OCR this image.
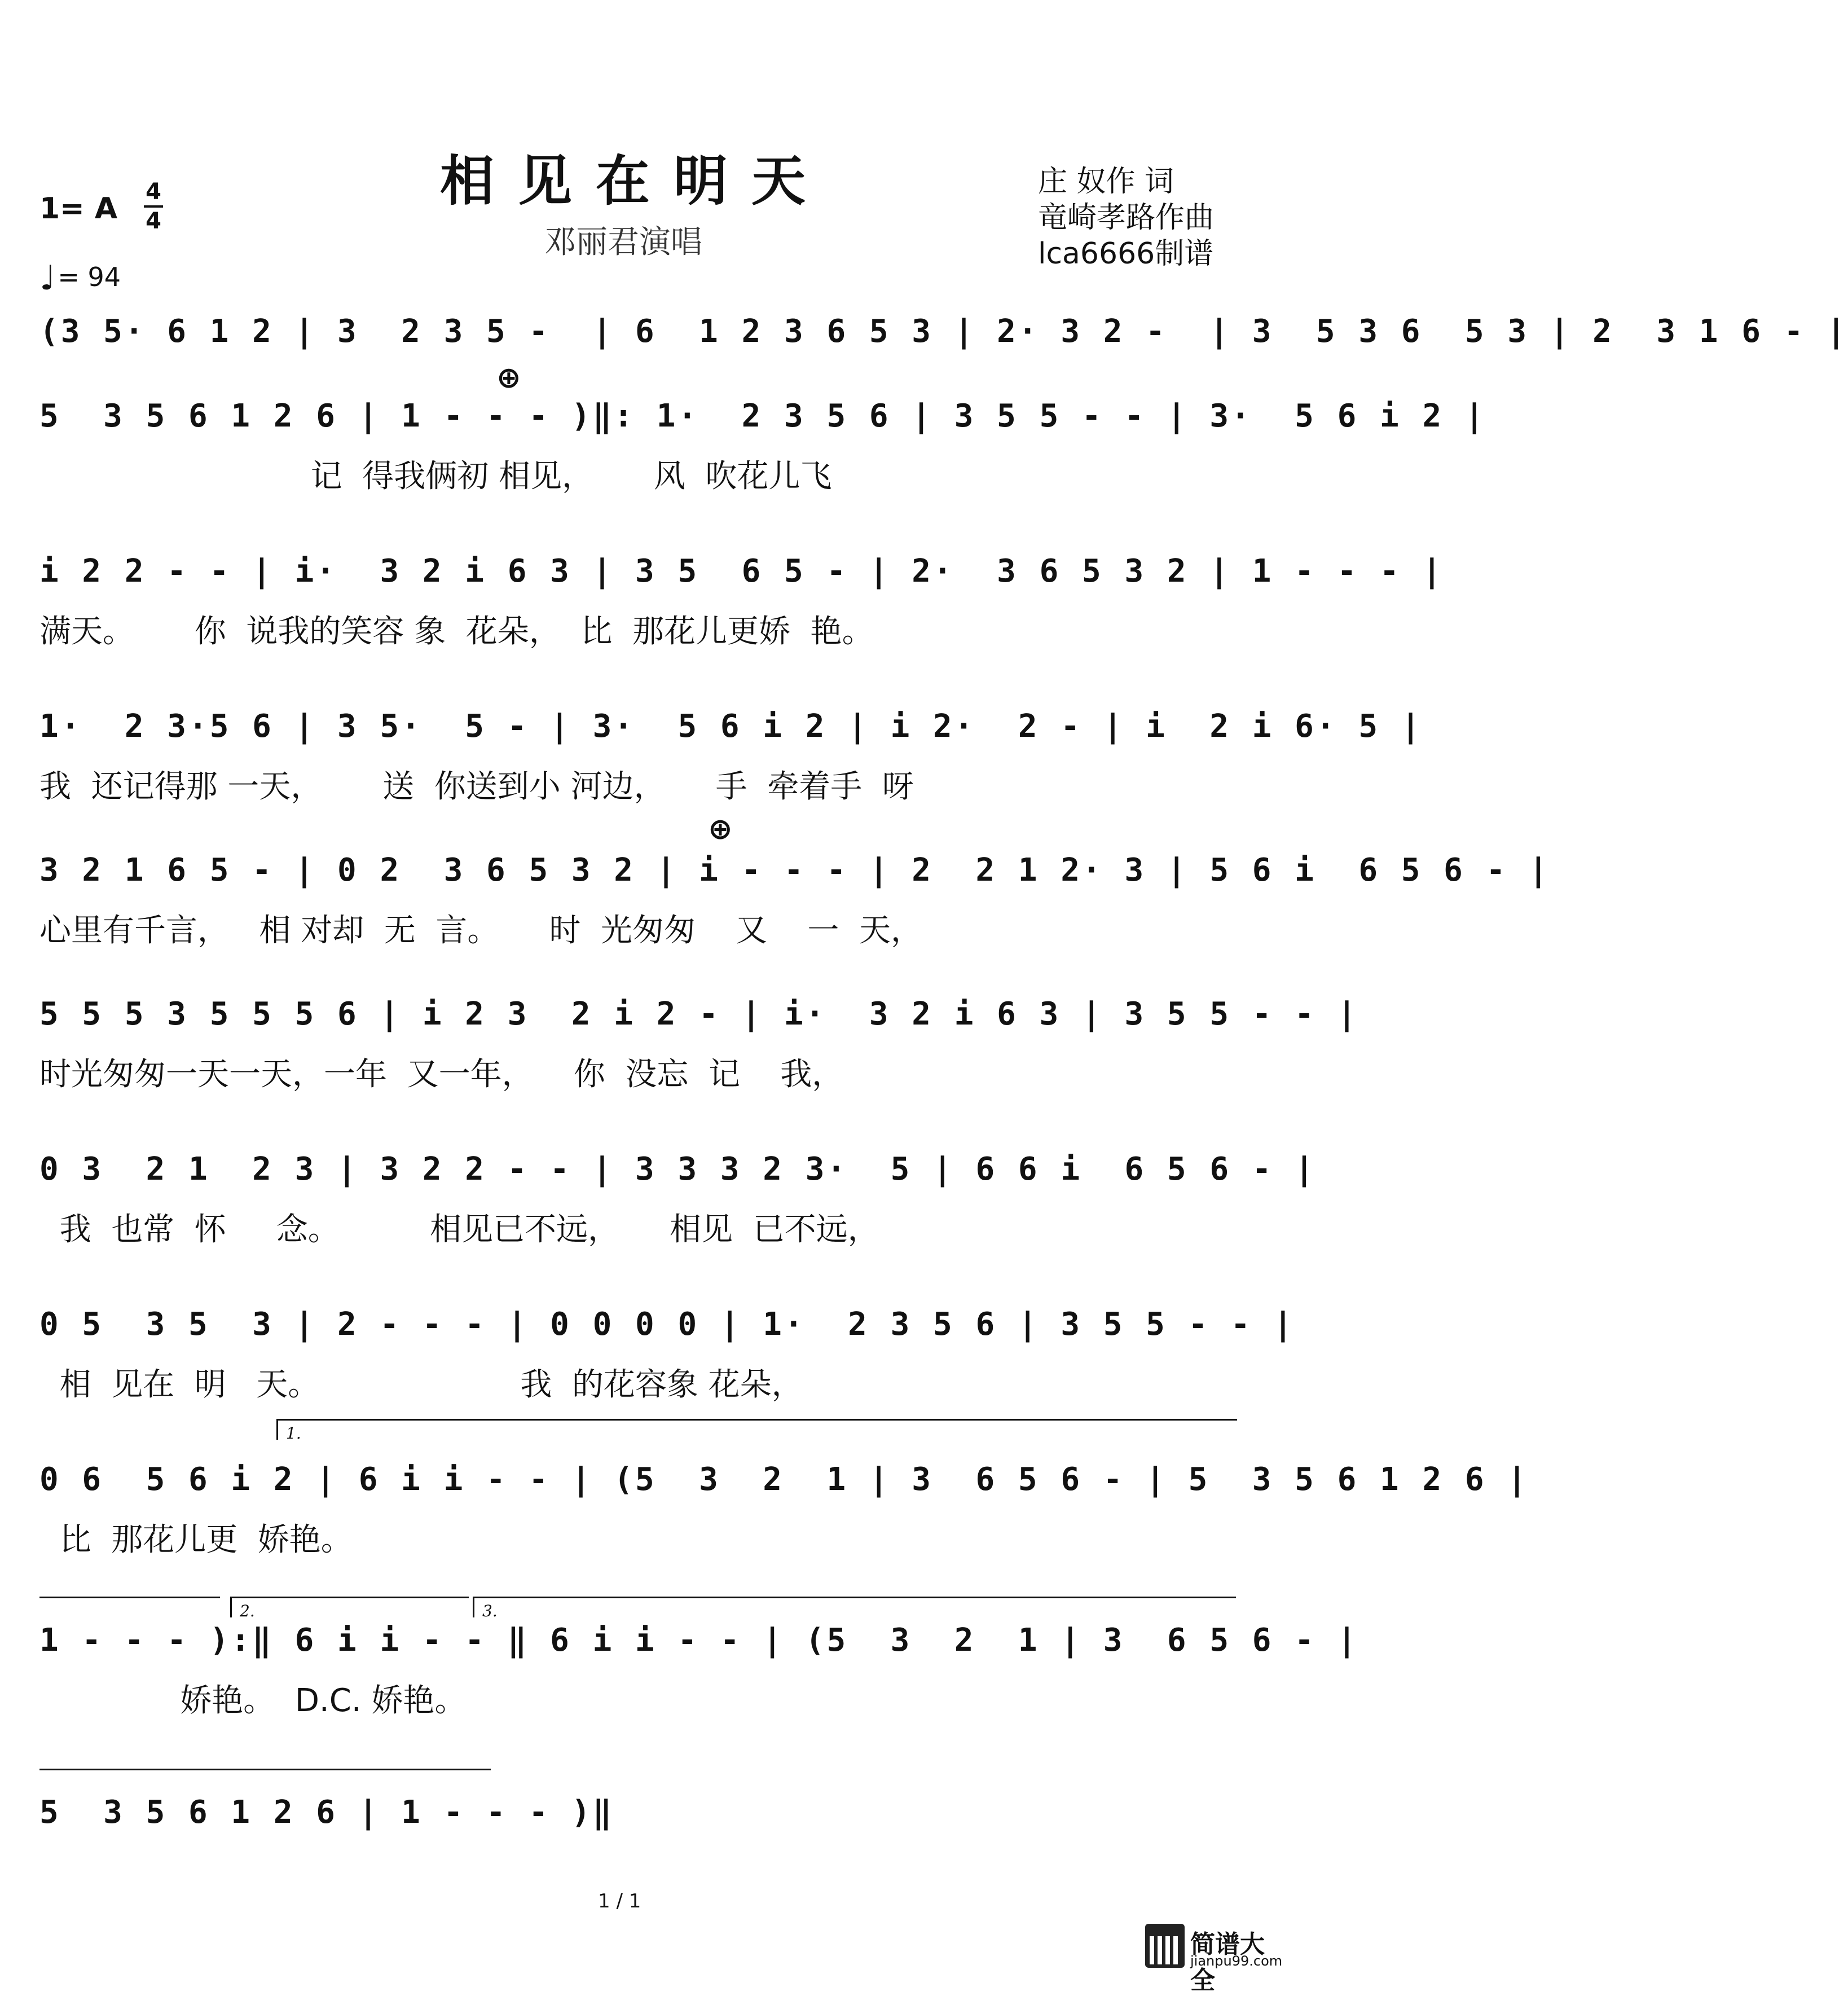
相见在明天
邓丽君演唱
庄 奴作 词
竜崎孝路作曲
lca6666制谱
1= A 4
4
♩= 94
(3 5· 6 1 2 | 3  2 3 5 -  | 6  1 2 3 6 5 3 | 2· 3 2 -  | 3  5 3 6  5 3 | 2  3 1 6 - |
5  3 5 6 1 2 6 | 1 - - - )‖: 1·  2 3 5 6 | 3 5 5 - - | 3·  5 6 i 2 |
记  得我俩初 相见，      风  吹花儿飞
i 2 2 - - | i·  3 2 i 6 3 | 3 5  6 5 - | 2·  3 6 5 3 2 | 1 - - - |
满天。      你  说我的笑容 象  花朵，  比  那花儿更娇  艳。
1·  2 3·5 6 | 3 5·  5 - | 3·  5 6 i 2 | i 2·  2 - | i  2 i 6· 5 |
我  还记得那 一天，      送  你送到小 河边，     手  牵着手  呀
3 2 1 6 5 - | 0 2  3 6 5 3 2 | i - - - | 2  2 1 2· 3 | 5 6 i  6 5 6 - |
心里有千言，   相 对却  无  言。     时  光匆匆    又    一  天，
5 5 5 3 5 5 5 6 | i 2 3  2 i 2 - | i·  3 2 i 6 3 | 3 5 5 - - |
时光匆匆一天一天，一年  又一年，    你  没忘  记    我，
0 3  2 1  2 3 | 3 2 2 - - | 3 3 3 2 3·  5 | 6 6 i  6 5 6 - |
我  也常  怀     念。         相见已不远，     相见  已不远，
0 5  3 5  3 | 2 - - - | 0 0 0 0 | 1·  2 3 5 6 | 3 5 5 - - |
相  见在  明   天。                    我  的花容象 花朵，
0 6  5 6 i 2 | 6 i i - - | (5  3  2  1 | 3  6 5 6 - | 5  3 5 6 1 2 6 |
比  那花儿更  娇艳。
1 - - - ):‖ 6 i i - - ‖ 6 i i - - | (5  3  2  1 | 3  6 5 6 - |
娇艳。  D.C. 娇艳。
5  3 5 6 1 2 6 | 1 - - - )‖
⊕
⊕
1.
2.	3.
1 / 1
简谱大全
jianpu99.com
